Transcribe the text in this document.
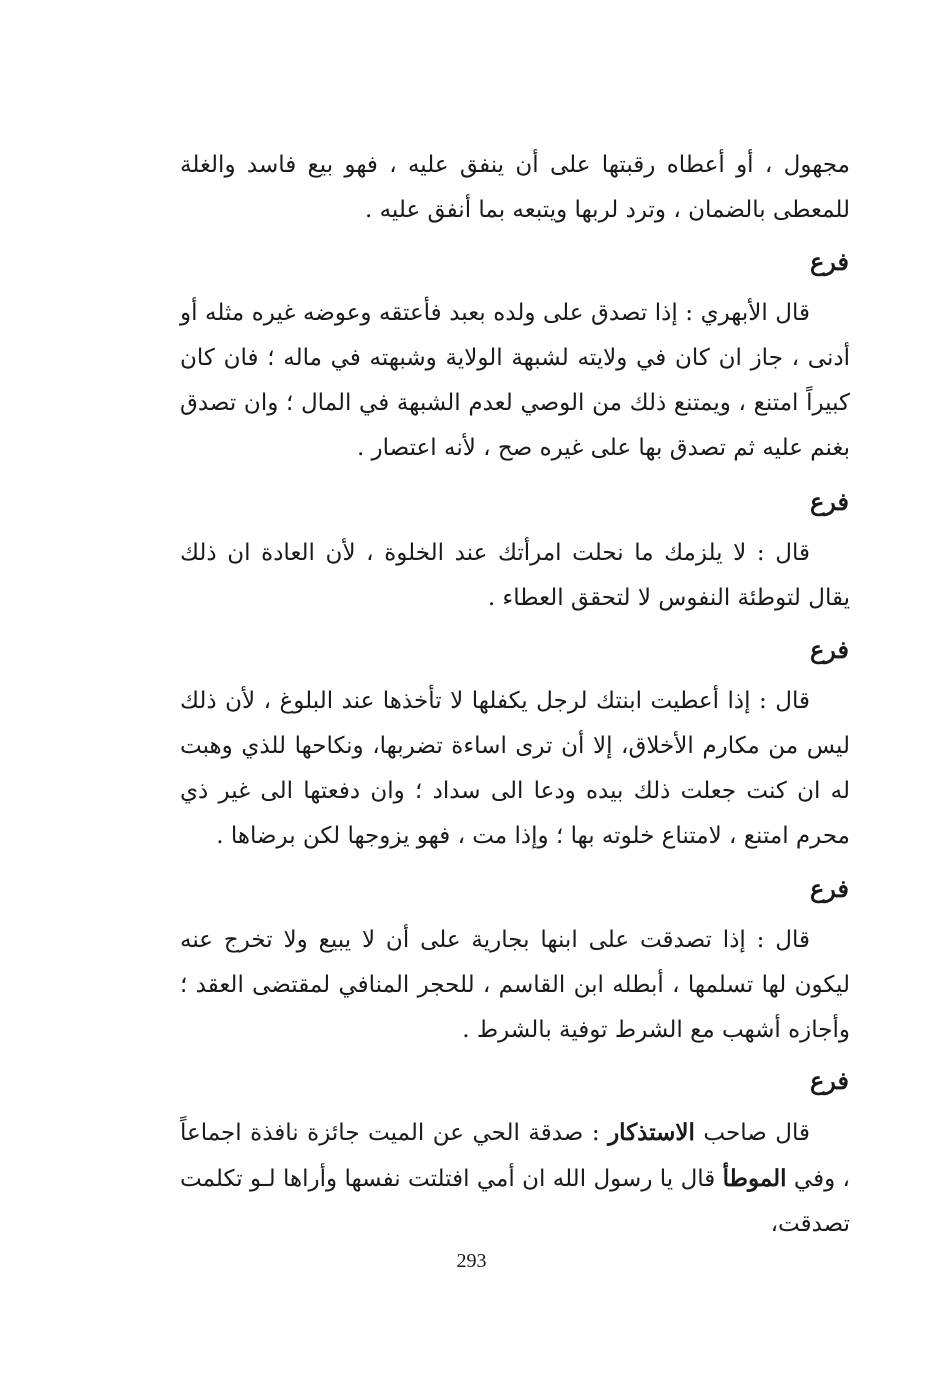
مجهول ، أو أعطاه رقبتها على أن ينفق عليه ، فهو بيع فاسد والغلة للمعطى بالضمان ، وترد لربها ويتبعه بما أنفق عليه .

فرع

قال الأبهري : إذا تصدق على ولده بعبد فأعتقه وعوضه غيره مثله أو أدنى ، جاز ان كان في ولايته لشبهة الولاية وشبهته في ماله ؛ فان كان كبيراً امتنع ، ويمتنع ذلك من الوصي لعدم الشبهة في المال ؛ وان تصدق بغنم عليه ثم تصدق بها على غيره صح ، لأنه اعتصار .

فرع

قال : لا يلزمك ما نحلت امرأتك عند الخلوة ، لأن العادة ان ذلك يقال لتوطئة النفوس لا لتحقق العطاء .

فرع

قال : إذا أعطيت ابنتك لرجل يكفلها لا تأخذها عند البلوغ ، لأن ذلك ليس من مكارم الأخلاق، إلا أن ترى اساءة تضربها، ونكاحها للذي وهبت له ان كنت جعلت ذلك بيده ودعا الى سداد ؛ وان دفعتها الى غير ذي محرم امتنع ، لامتناع خلوته بها ؛ وإذا مت ، فهو يزوجها لكن برضاها .

فرع

قال : إذا تصدقت على ابنها بجارية على أن لا يبيع ولا تخرج عنه ليكون لها تسلمها ، أبطله ابن القاسم ، للحجر المنافي لمقتضى العقد ؛ وأجازه أشهب مع الشرط توفية بالشرط .

فرع

قال صاحب الاستذكار : صدقة الحي عن الميت جائزة نافذة اجماعاً ، وفي الموطأ قال يا رسول الله ان أمي افتلتت نفسها وأراها لـو تكلمت تصدقت،

293
